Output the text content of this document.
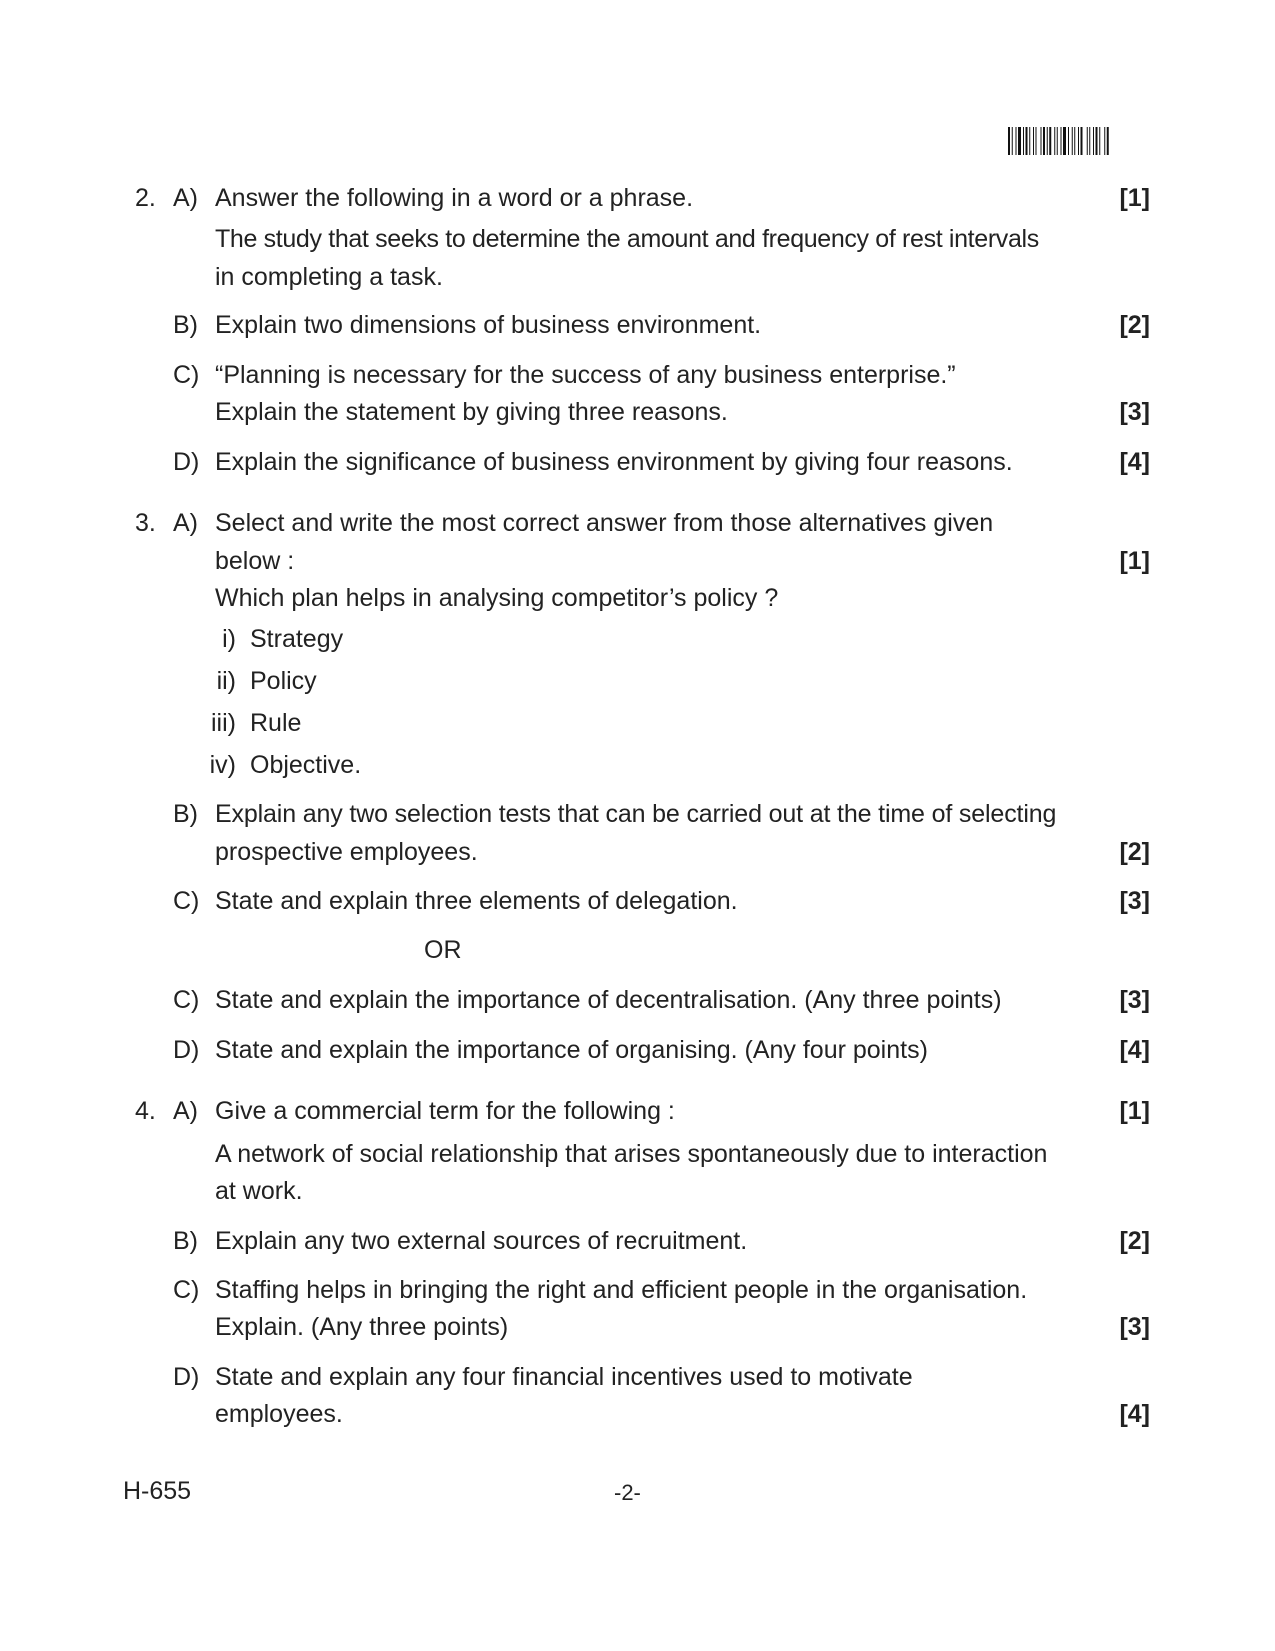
2. A) Answer the following in a word or a phrase.	[1]
The study that seeks to determine the amount and frequency of rest intervals
in completing a task.
B) Explain two dimensions of business environment.	[2]
C) “Planning is necessary for the success of any business enterprise.”
Explain the statement by giving three reasons.	[3]
D) Explain the significance of business environment by giving four reasons.	[4]
3. A) Select and write the most correct answer from those alternatives given
below :	[1]
Which plan helps in analysing competitor’s policy ?
i) Strategy
ii) Policy
iii) Rule
iv) Objective.
B) Explain any two selection tests that can be carried out at the time of selecting
prospective employees.	[2]
C) State and explain three elements of delegation.	[3]
OR
C) State and explain the importance of decentralisation. (Any three points)	[3]
D) State and explain the importance of organising. (Any four points)	[4]
4. A) Give a commercial term for the following :	[1]
A network of social relationship that arises spontaneously due to interaction
at work.
B) Explain any two external sources of recruitment.	[2]
C) Staffing helps in bringing the right and efficient people in the organisation.
Explain. (Any three points)	[3]
D) State and explain any four financial incentives used to motivate
employees.	[4]
H-655	-2-
